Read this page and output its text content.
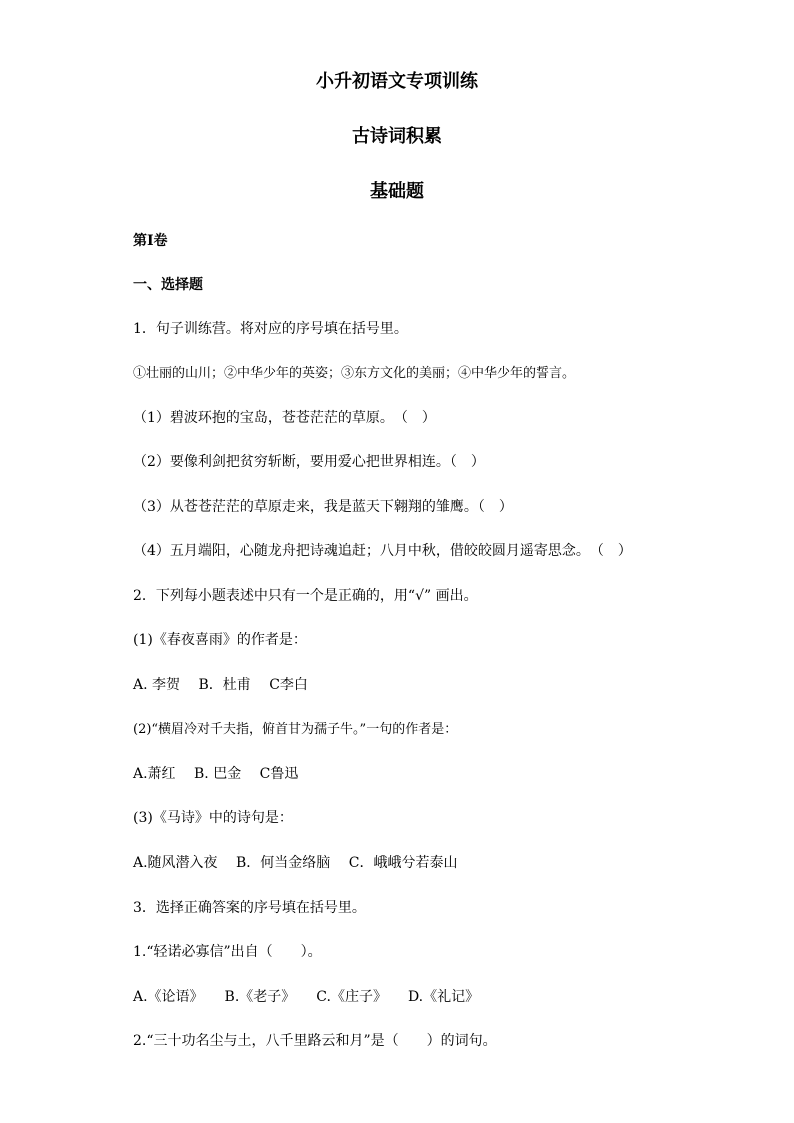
小升初语文专项训练
古诗词积累
基础题
第I卷
一、选择题
1．句子训练营。将对应的序号填在括号里。
①壮丽的山川；②中华少年的英姿；③东方文化的美丽；④中华少年的誓言。
（1）碧波环抱的宝岛，苍苍茫茫的草原。　（　）
（2）要像利剑把贫穷斩断，要用爱心把世界相连。（　）
（3）从苍苍茫茫的草原走来，我是蓝天下翱翔的雏鹰。（　）
（4）五月端阳，心随龙舟把诗魂追赶；八月中秋，借皎皎圆月遥寄思念。　（　）
2．下列每小题表述中只有一个是正确的，用“√” 画出。
(1)《春夜喜雨》的作者是：
A. 李贺　 B．杜甫　 C李白
(2)“横眉冷对千夫指，俯首甘为孺子牛。”一句的作者是：
A.萧红　 B. 巴金　 C鲁迅
(3)《马诗》中的诗句是：
A.随风潜入夜　 B．何当金络脑　 C．峨峨兮若泰山
3．选择正确答案的序号填在括号里。
1.“轻诺必寡信”出自（　　）。
A.《论语》　　B.《老子》　　C.《庄子》　　D.《礼记》
2.“三十功名尘与土，八千里路云和月”是（　　）的词句。
